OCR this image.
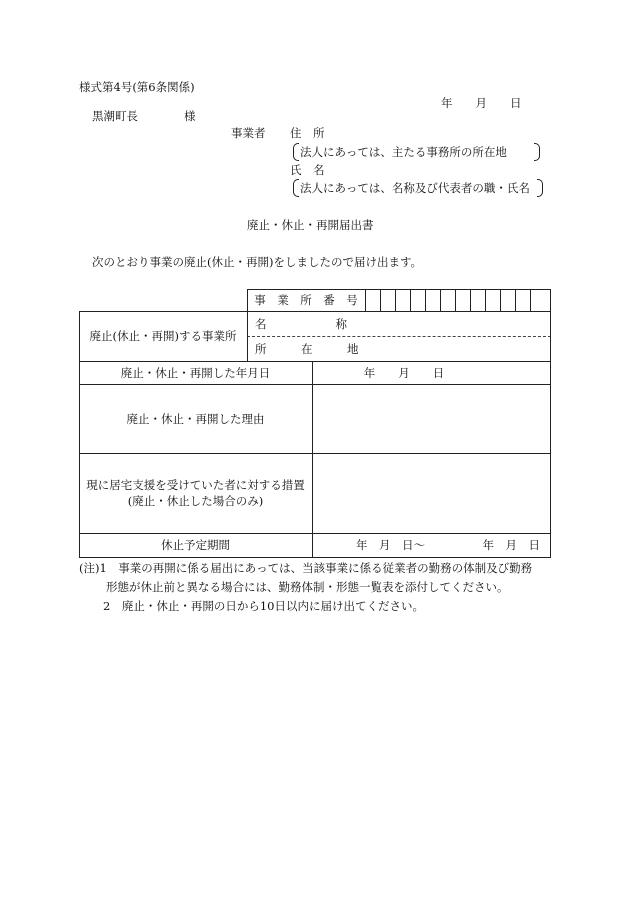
様式第4号(第6条関係)
年　　月　　日
黒潮町長　　　　様
事業者 住　所
法人にあっては、主たる事務所の所在地
氏　名
法人にあっては、名称及び代表者の職・氏名
廃止・休止・再開届出書
次のとおり事業の廃止(休止・再開)をしましたので届け出ます。
事　業　所　番　号
廃止(休止・再開)する事業所
名　　　　　　称
所　　　在　　　地
廃止・休止・再開した年月日	年　　月　　日
廃止・休止・再開した理由
現に居宅支援を受けていた者に対する措置
(廃止・休止した場合のみ)
休止予定期間	年　月　日〜　　　　　年　月　日
(注)1　事業の再開に係る届出にあっては、当該事業に係る従業者の勤務の体制及び勤務
形態が休止前と異なる場合には、勤務体制・形態一覧表を添付してください。
2　廃止・休止・再開の日から10日以内に届け出てください。
